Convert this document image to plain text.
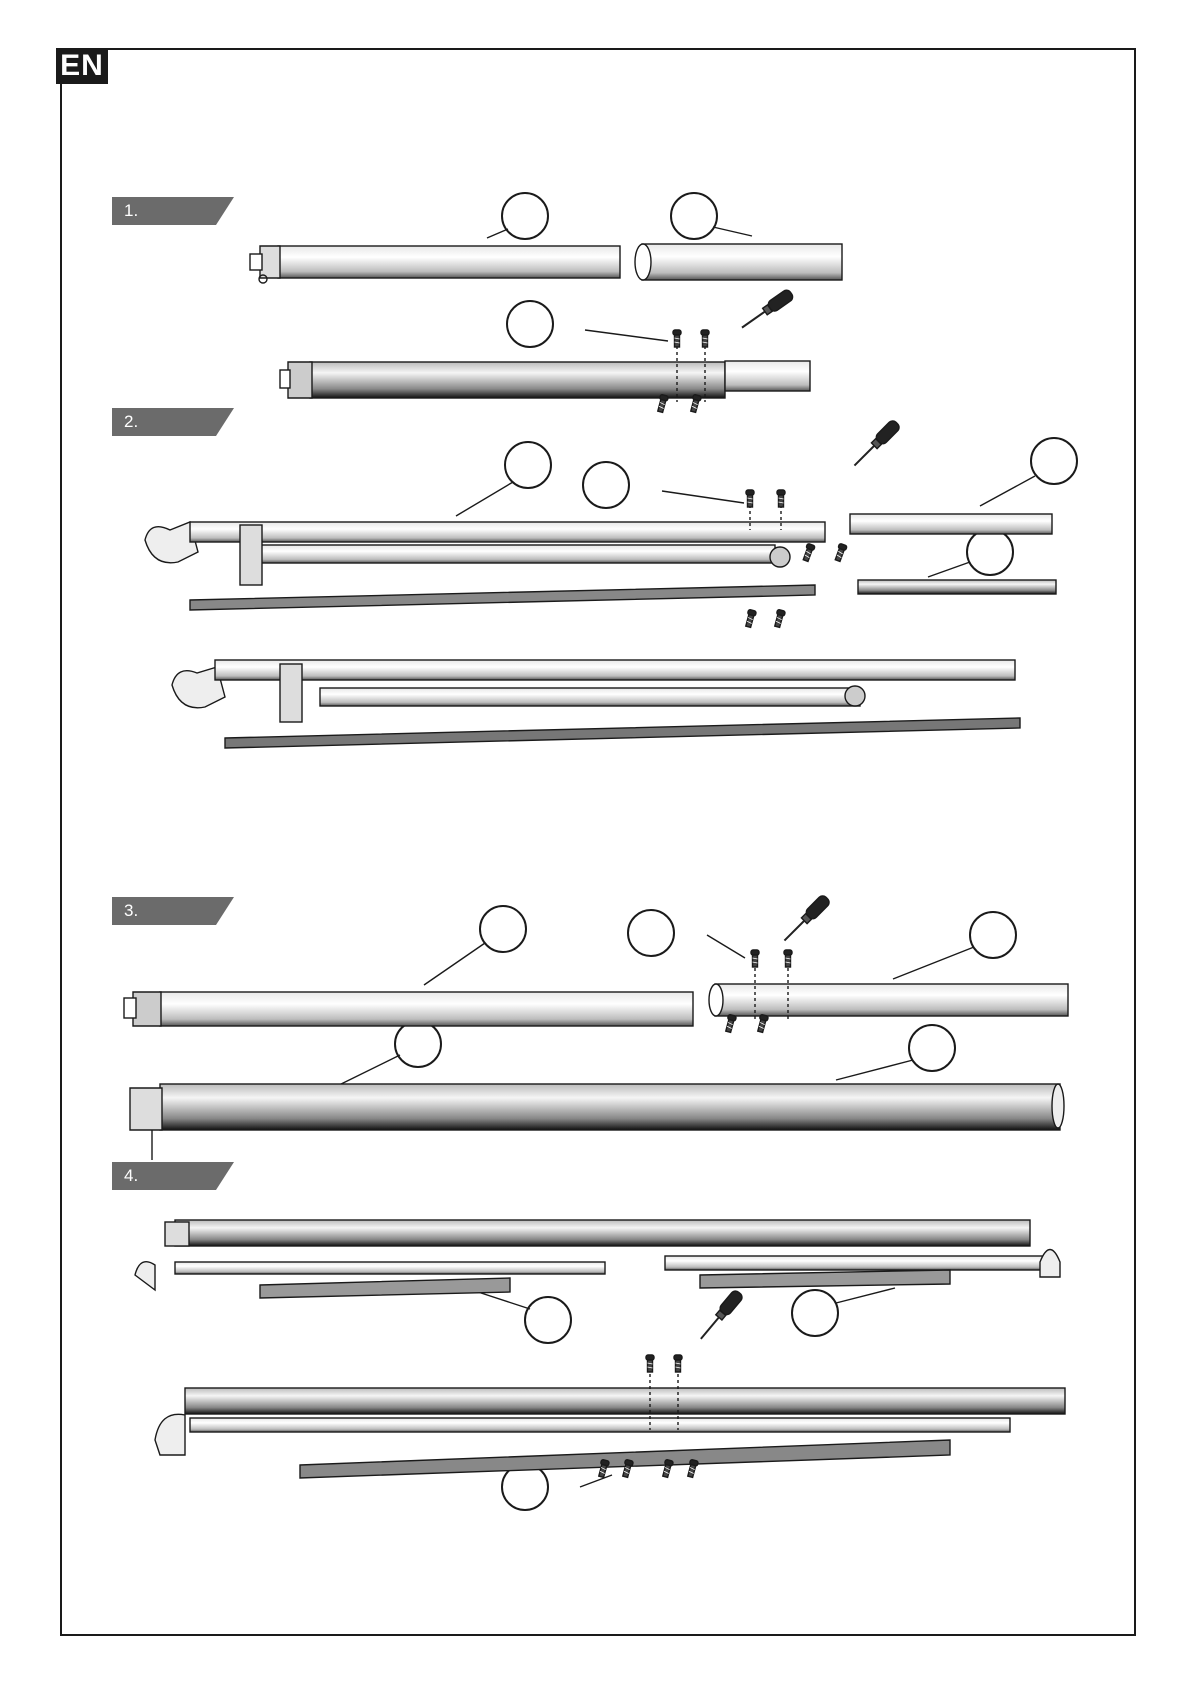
EN
1.
2.
3.
4.
